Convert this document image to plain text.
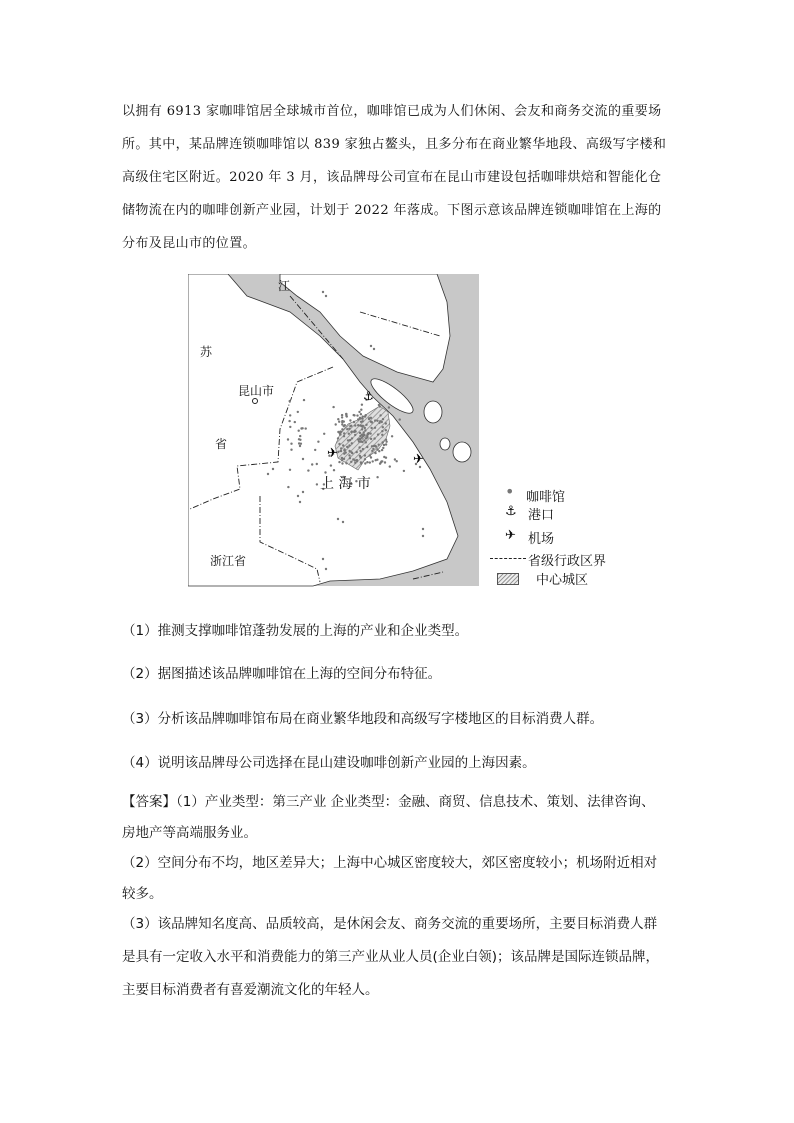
以拥有 6913 家咖啡馆居全球城市首位，咖啡馆已成为人们休闲、会友和商务交流的重要场
所。其中，某品牌连锁咖啡馆以 839 家独占鳌头，且多分布在商业繁华地段、高级写字楼和
高级住宅区附近。2020 年 3 月，该品牌母公司宣布在昆山市建设包括咖啡烘焙和智能化仓
储物流在内的咖啡创新产业园，计划于 2022 年落成。下图示意该品牌连锁咖啡馆在上海的
分布及昆山市的位置。
江
苏
昆山市
省
上 海 市
浙江省
⚓
✈	✈
• 咖啡馆
⚓ 港口
✈ 机场
省级行政区界
中心城区
（1）推测支撑咖啡馆蓬勃发展的上海的产业和企业类型。
（2）据图描述该品牌咖啡馆在上海的空间分布特征。
（3）分析该品牌咖啡馆布局在商业繁华地段和高级写字楼地区的目标消费人群。
（4）说明该品牌母公司选择在昆山建设咖啡创新产业园的上海因素。
【答案】（1）产业类型：第三产业 企业类型：金融、商贸、信息技术、策划、法律咨询、
房地产等高端服务业。
（2）空间分布不均，地区差异大；上海中心城区密度较大，郊区密度较小；机场附近相对
较多。
（3）该品牌知名度高、品质较高，是休闲会友、商务交流的重要场所，主要目标消费人群
是具有一定收入水平和消费能力的第三产业从业人员(企业白领)；该品牌是国际连锁品牌，
主要目标消费者有喜爱潮流文化的年轻人。
